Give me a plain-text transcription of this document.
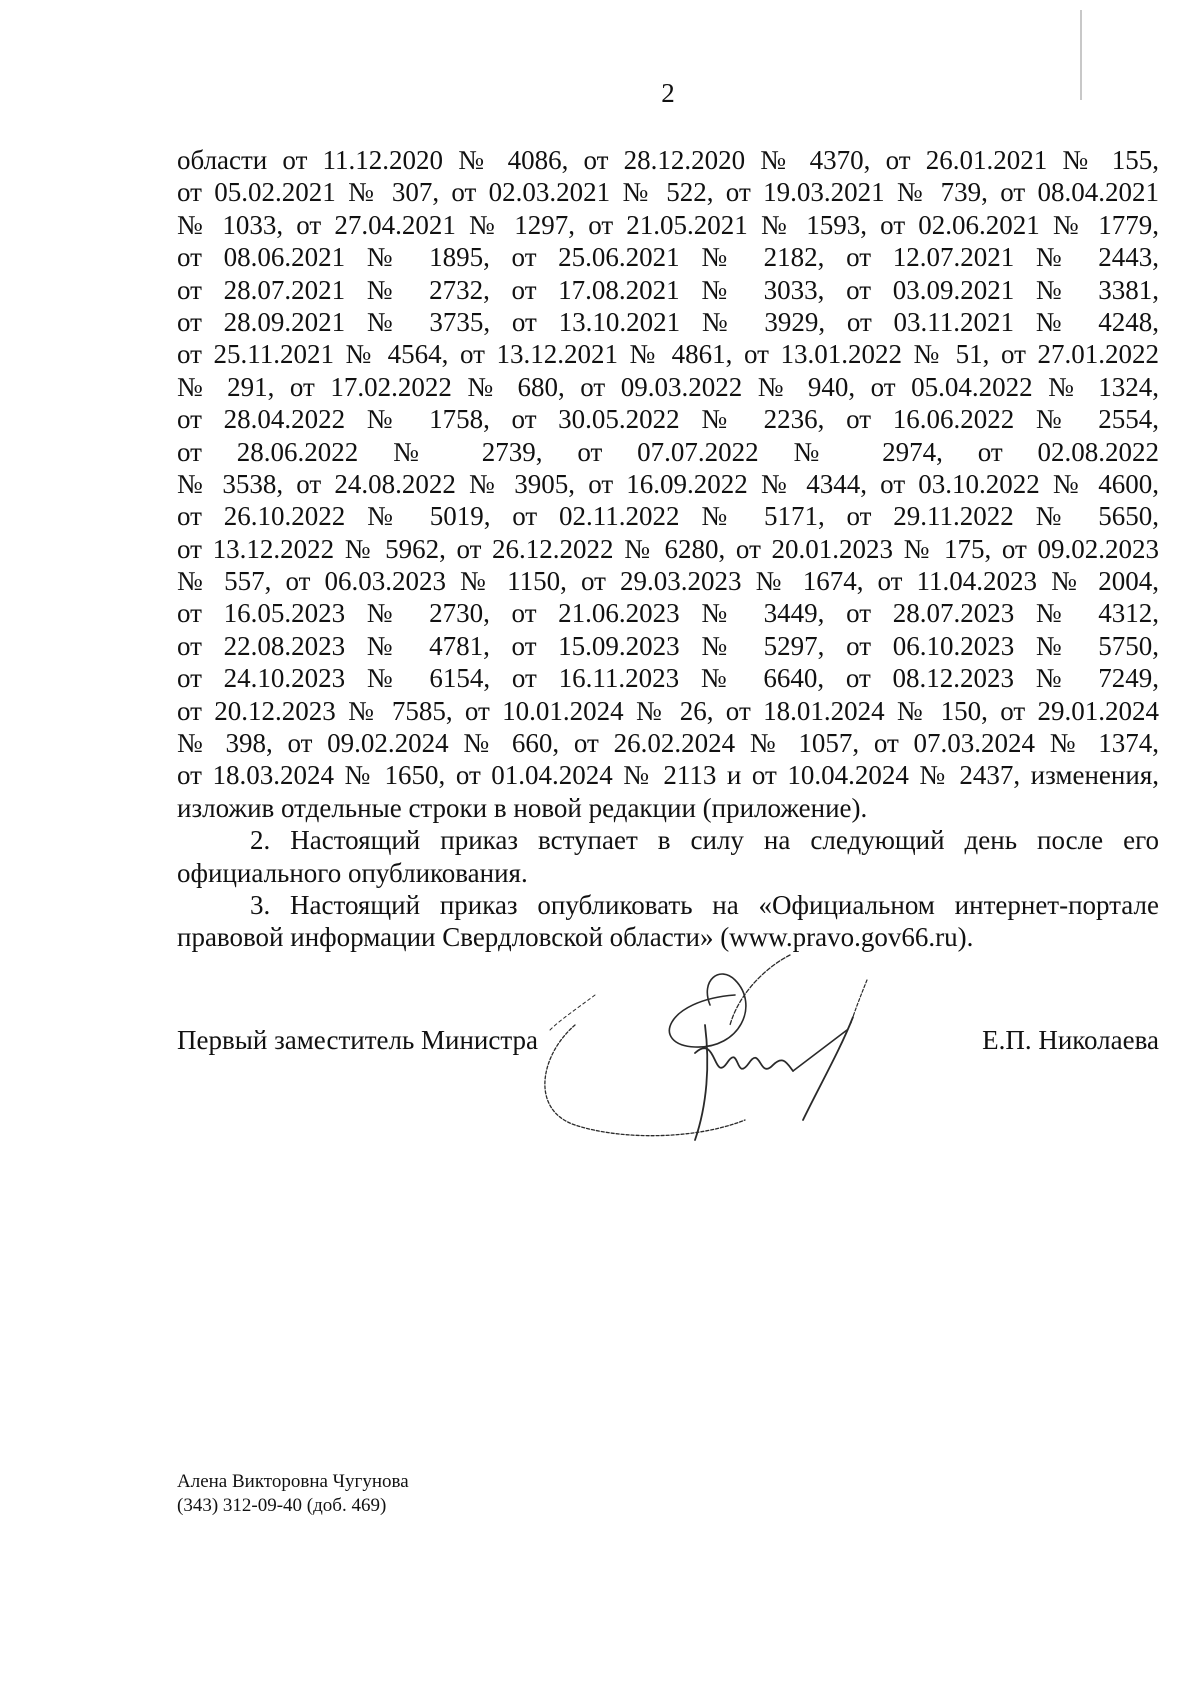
2
области от 11.12.2020 № 4086, от 28.12.2020 № 4370, от 26.01.2021 № 155,
от 05.02.2021 № 307, от 02.03.2021 № 522, от 19.03.2021 № 739, от 08.04.2021
№ 1033, от 27.04.2021 № 1297, от 21.05.2021 № 1593, от 02.06.2021 № 1779,
от 08.06.2021 № 1895, от 25.06.2021 № 2182, от 12.07.2021 № 2443,
от 28.07.2021 № 2732, от 17.08.2021 № 3033, от 03.09.2021 № 3381,
от 28.09.2021 № 3735, от 13.10.2021 № 3929, от 03.11.2021 № 4248,
от 25.11.2021 № 4564, от 13.12.2021 № 4861, от 13.01.2022 № 51, от 27.01.2022
№ 291, от 17.02.2022 № 680, от 09.03.2022 № 940, от 05.04.2022 № 1324,
от 28.04.2022 № 1758, от 30.05.2022 № 2236, от 16.06.2022 № 2554,
от 28.06.2022 № 2739, от 07.07.2022 № 2974, от 02.08.2022
№ 3538, от 24.08.2022 № 3905, от 16.09.2022 № 4344, от 03.10.2022 № 4600,
от 26.10.2022 № 5019, от 02.11.2022 № 5171, от 29.11.2022 № 5650,
от 13.12.2022 № 5962, от 26.12.2022 № 6280, от 20.01.2023 № 175, от 09.02.2023
№ 557, от 06.03.2023 № 1150, от 29.03.2023 № 1674, от 11.04.2023 № 2004,
от 16.05.2023 № 2730, от 21.06.2023 № 3449, от 28.07.2023 № 4312,
от 22.08.2023 № 4781, от 15.09.2023 № 5297, от 06.10.2023 № 5750,
от 24.10.2023 № 6154, от 16.11.2023 № 6640, от 08.12.2023 № 7249,
от 20.12.2023 № 7585, от 10.01.2024 № 26, от 18.01.2024 № 150, от 29.01.2024
№ 398, от 09.02.2024 № 660, от 26.02.2024 № 1057, от 07.03.2024 № 1374,
от 18.03.2024 № 1650, от 01.04.2024 № 2113 и от 10.04.2024 № 2437, изменения,
изложив отдельные строки в новой редакции (приложение).
2. Настоящий приказ вступает в силу на следующий день после его
официального опубликования.
3. Настоящий приказ опубликовать на «Официальном интернет-портале
правовой информации Свердловской области» (www.pravo.gov66.ru).
Первый заместитель Министра	Е.П. Николаева
Алена Викторовна Чугунова
(343) 312-09-40 (доб. 469)
